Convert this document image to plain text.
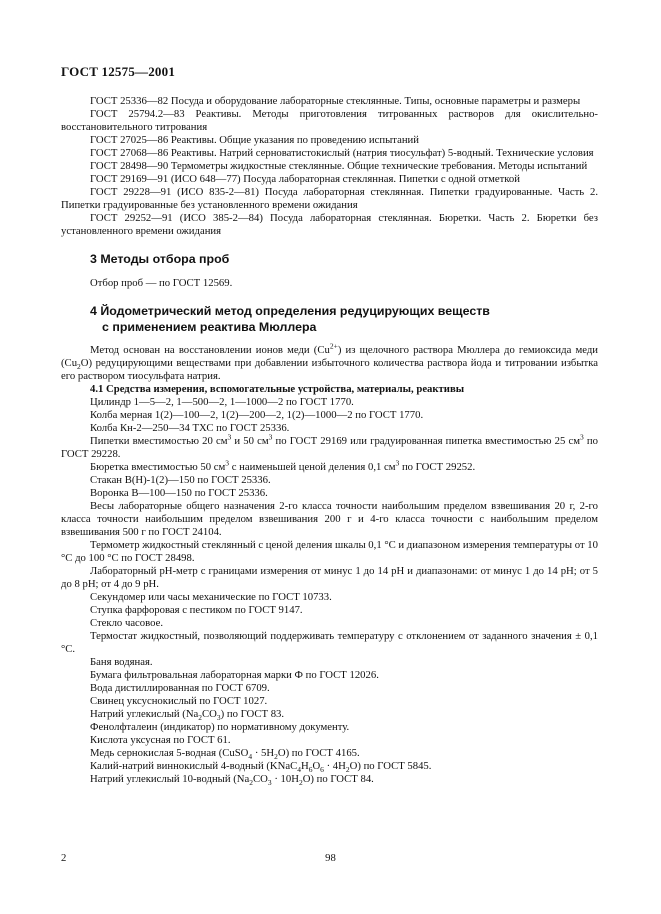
ГОСТ 12575—2001

ГОСТ 25336—82 Посуда и оборудование лабораторные стеклянные. Типы, основные параметры и размеры

ГОСТ 25794.2—83 Реактивы. Методы приготовления титрованных растворов для окислительно-восстановительного титрования

ГОСТ 27025—86 Реактивы. Общие указания по проведению испытаний

ГОСТ 27068—86 Реактивы. Натрий серноватистокислый (натрия тиосульфат) 5-водный. Технические условия

ГОСТ 28498—90 Термометры жидкостные стеклянные. Общие технические требования. Методы испытаний

ГОСТ 29169—91 (ИСО 648—77) Посуда лабораторная стеклянная. Пипетки с одной отметкой

ГОСТ 29228—91 (ИСО 835-2—81) Посуда лабораторная стеклянная. Пипетки градуированные. Часть 2. Пипетки градуированные без установленного времени ожидания

ГОСТ 29252—91 (ИСО 385-2—84) Посуда лабораторная стеклянная. Бюретки. Часть 2. Бюретки без установленного времени ожидания

3 Методы отбора проб

Отбор проб — по ГОСТ 12569.

4 Йодометрический метод определения редуцирующих веществ
с применением реактива Мюллера

Метод основан на восстановлении ионов меди $(Cu^{2+})$ из щелочного раствора Мюллера до гемиоксида меди $(Cu_2O)$ редуцирующими веществами при добавлении избыточного количества раствора йода и титровании избытка его раствором тиосульфата натрия.

4.1 Средства измерения, вспомогательные устройства, материалы, реактивы

Цилиндр 1—5—2, 1—500—2, 1—1000—2 по ГОСТ 1770.

Колба мерная 1(2)—100—2, 1(2)—200—2, 1(2)—1000—2 по ГОСТ 1770.

Колба Кн-2—250—34 ТХС по ГОСТ 25336.

Пипетки вместимостью 20 $см^3$ и 50 $см^3$ по ГОСТ 29169 или градуированная пипетка вместимостью 25 $см^3$ по ГОСТ 29228.

Бюретка вместимостью 50 $см^3$ с наименьшей ценой деления 0,1 $см^3$ по ГОСТ 29252.

Стакан В(Н)-1(2)—150 по ГОСТ 25336.

Воронка В—100—150 по ГОСТ 25336.

Весы лабораторные общего назначения 2-го класса точности наибольшим пределом взвешивания 20 г, 2-го класса точности наибольшим пределом взвешивания 200 г и 4-го класса точности с наибольшим пределом взвешивания 500 г по ГОСТ 24104.

Термометр жидкостный стеклянный с ценой деления шкалы 0,1 °С и диапазоном измерения температуры от 10 °С до 100 °С по ГОСТ 28498.

Лабораторный рН-метр с границами измерения от минус 1 до 14 рН и диапазонами: от минус 1 до 14 рН; от 5 до 8 рН; от 4 до 9 рН.

Секундомер или часы механические по ГОСТ 10733.

Ступка фарфоровая с пестиком по ГОСТ 9147.

Стекло часовое.

Термостат жидкостный, позволяющий поддерживать температуру с отклонением от заданного значения ± 0,1 °С.

Баня водяная.

Бумага фильтровальная лабораторная марки Ф по ГОСТ 12026.

Вода дистиллированная по ГОСТ 6709.

Свинец уксуснокислый по ГОСТ 1027.

Натрий углекислый $(Na_2CO_3)$ по ГОСТ 83.

Фенолфталеин (индикатор) по нормативному документу.

Кислота уксусная по ГОСТ 61.

Медь сернокислая 5-водная (CuSO$_4$ · $5H_2O$) по ГОСТ 4165.

Калий-натрий виннокислый 4-водный $(KNaC_4H_6O_6 \cdot 4H_2O)$ по ГОСТ 5845.

Натрий углекислый 10-водный $(Na_2CO_3 \cdot 10H_2O)$ по ГОСТ 84.

2	98
